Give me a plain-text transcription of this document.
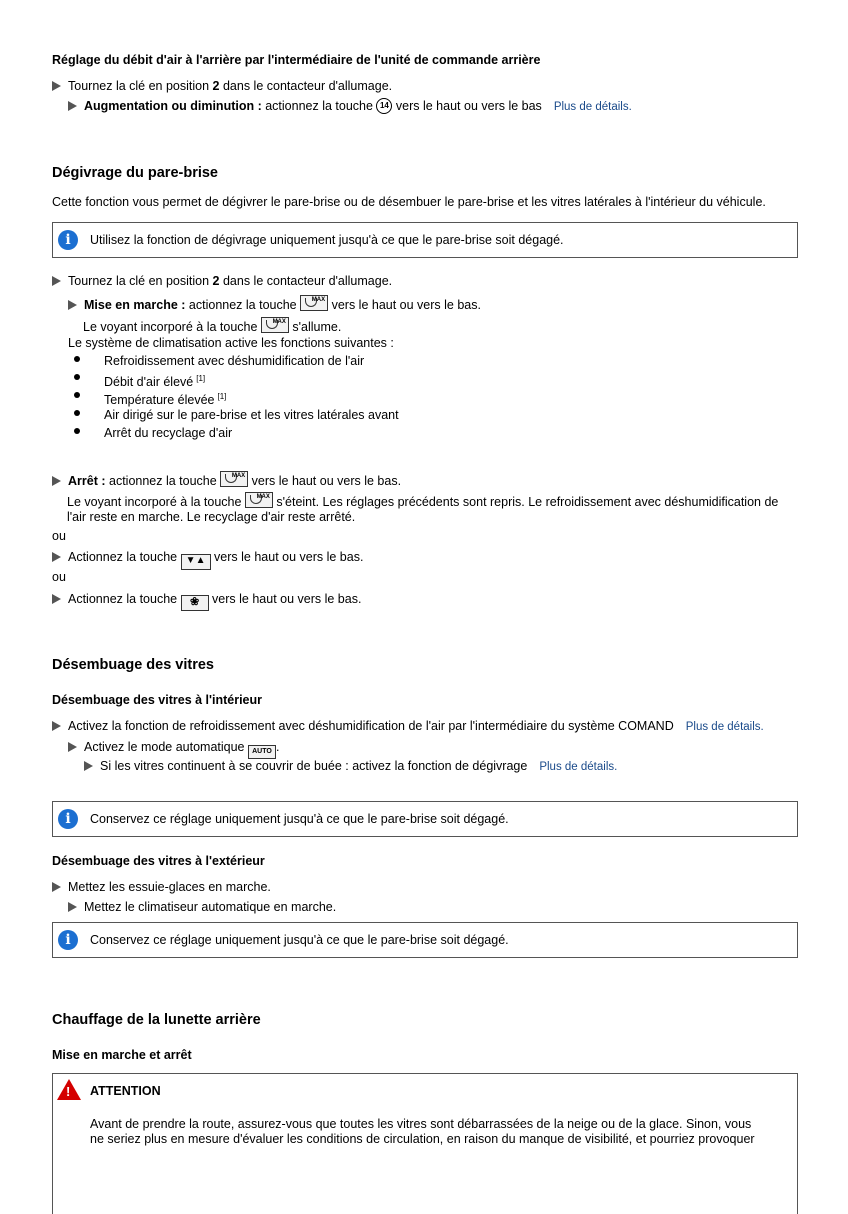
Réglage du débit d'air à l'arrière par l'intermédiaire de l'unité de commande arrière
Tournez la clé en position 2 dans le contacteur d'allumage.
Augmentation ou diminution : actionnez la touche 14 vers le haut ou vers le bas Plus de détails.
Dégivrage du pare-brise
Cette fonction vous permet de dégivrer le pare-brise ou de désembuer le pare-brise et les vitres latérales à l'intérieur du véhicule.
i	Utilisez la fonction de dégivrage uniquement jusqu'à ce que le pare-brise soit dégagé.
Tournez la clé en position 2 dans le contacteur d'allumage.
Mise en marche : actionnez la touche MAX vers le haut ou vers le bas.
Le voyant incorporé à la touche MAX s'allume.
Le système de climatisation active les fonctions suivantes :
Refroidissement avec déshumidification de l'air
Débit d'air élevé [1]
Température élevée [1]
Air dirigé sur le pare-brise et les vitres latérales avant
Arrêt du recyclage d'air
Arrêt : actionnez la touche MAX vers le haut ou vers le bas.
Le voyant incorporé à la touche MAX s'éteint. Les réglages précédents sont repris. Le refroidissement avec déshumidification de
l'air reste en marche. Le recyclage d'air reste arrêté.
ou
Actionnez la touche ▼▲ vers le haut ou vers le bas.
ou
Actionnez la touche ❀ vers le haut ou vers le bas.
Désembuage des vitres
Désembuage des vitres à l'intérieur
Activez la fonction de refroidissement avec déshumidification de l'air par l'intermédiaire du système COMAND Plus de détails.
Activez le mode automatique AUTO .
Si les vitres continuent à se couvrir de buée : activez la fonction de dégivrage Plus de détails.
i	Conservez ce réglage uniquement jusqu'à ce que le pare-brise soit dégagé.
Désembuage des vitres à l'extérieur
Mettez les essuie-glaces en marche.
Mettez le climatiseur automatique en marche.
i	Conservez ce réglage uniquement jusqu'à ce que le pare-brise soit dégagé.
Chauffage de la lunette arrière
Mise en marche et arrêt
!
ATTENTION
Avant de prendre la route, assurez-vous que toutes les vitres sont débarrassées de la neige ou de la glace. Sinon, vous
ne seriez plus en mesure d'évaluer les conditions de circulation, en raison du manque de visibilité, et pourriez provoquer
